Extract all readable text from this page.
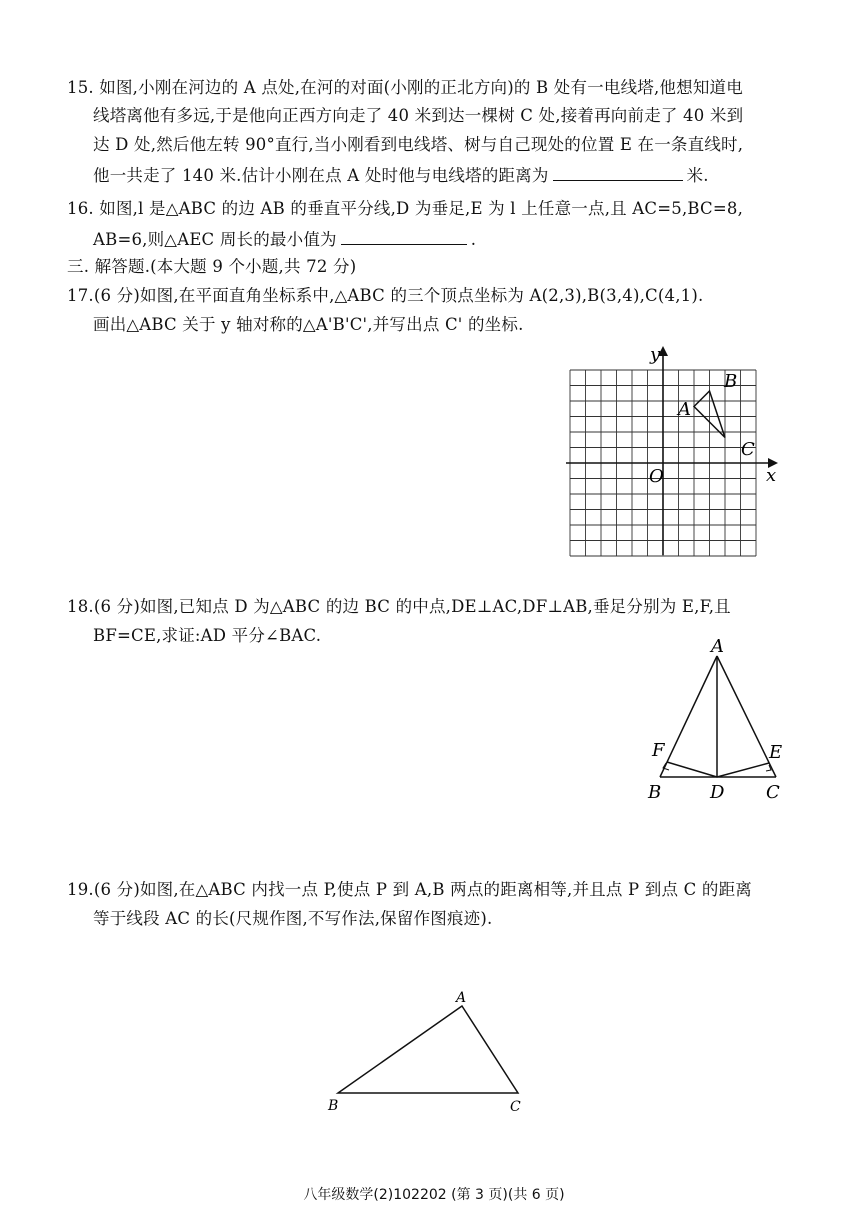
15. 如图,小刚在河边的 A 点处,在河的对面(小刚的正北方向)的 B 处有一电线塔,他想知道电
线塔离他有多远,于是他向正西方向走了 40 米到达一棵树 C 处,接着再向前走了 40 米到
达 D 处,然后他左转 90°直行,当小刚看到电线塔、树与自己现处的位置 E 在一条直线时,
他一共走了 140 米.估计小刚在点 A 处时他与电线塔的距离为	米.
16. 如图,l 是△ABC 的边 AB 的垂直平分线,D 为垂足,E 为 l 上任意一点,且 AC=5,BC=8,
AB=6,则△AEC 周长的最小值为	.
三. 解答题.(本大题 9 个小题,共 72 分)
17.(6 分)如图,在平面直角坐标系中,△ABC 的三个顶点坐标为 A(2,3),B(3,4),C(4,1).
画出△ABC 关于 y 轴对称的△A'B'C',并写出点 C' 的坐标.
y
x
O
A
B
C
18.(6 分)如图,已知点 D 为△ABC 的边 BC 的中点,DE⊥AC,DF⊥AB,垂足分别为 E,F,且
BF=CE,求证:AD 平分∠BAC.
A
F	E
B	D C
19.(6 分)如图,在△ABC 内找一点 P,使点 P 到 A,B 两点的距离相等,并且点 P 到点 C 的距离
等于线段 AC 的长(尺规作图,不写作法,保留作图痕迹).
A
B	C
八年级数学(2)102202 (第 3 页)(共 6 页)
